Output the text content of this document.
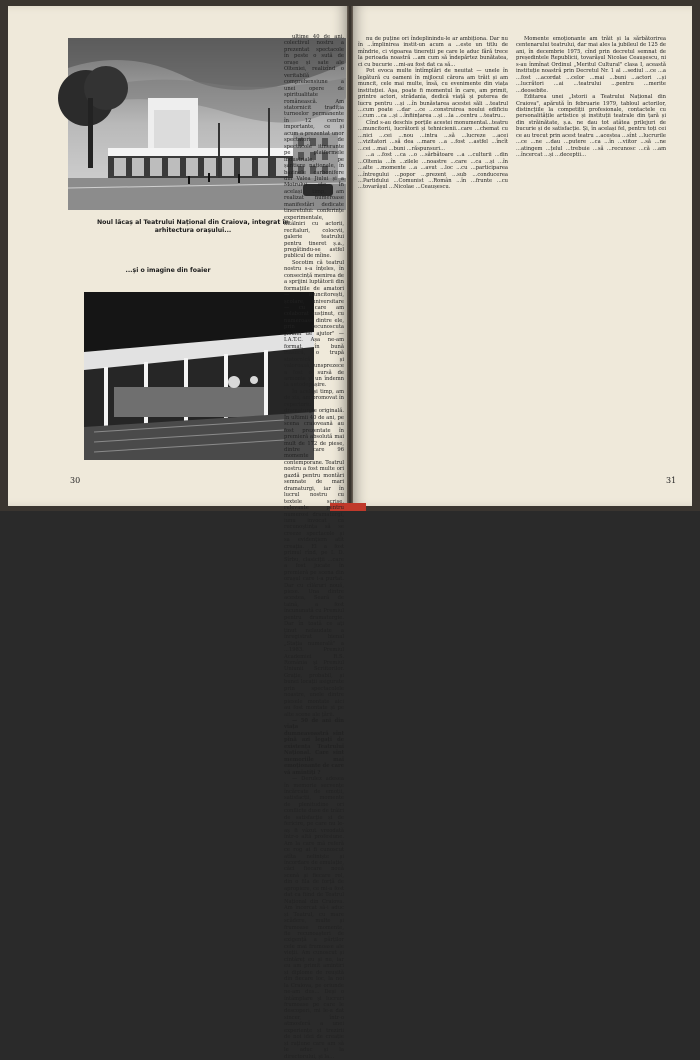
Noul lăcaș al Teatrului Național din Craiova, integrat în arhitectura orașului...
...și o imagine din foaier
30

nu de puține ori îndeplinindu-le ar ambiționa. Dar nu în ...împlinirea instit-un acum a ...este un titlu de mîndrie, ci vigoarea tinereții pe care le aduc fără trece la perioada noastră ...am cum să îndepărtez bunătatea, ci cu bucurie ...mi-au fost dat ca să...

Pot evoca multe întîmplări de neuitat — unele în legătură cu oameni în mijlocul cărora am trăit și am muncit, cele mai multe, însă, cu evenimente din viața instituției. Așa, poate fi momentul în care, am primit, printre actori, strădania, dedică viață și puterea de lucru pentru ...și ...în bunăstarea acestei săli ...teatrul ...cum poate ...dar ...ce ...construirea noului edificiu ...cum ...ca ...și ...înființarea ...și ...la ...centru ...teatru...

Cînd s-au deschis porțile acestei monumental...teatru ...muncitorii, lucrătorii și tehnicienii...care ...chemat cu ...nici ...cei ...nou ...intra ...să ...lucreze ...acei ...vizitatori ...să dea ...mare ...a ...fost ...astfel ...încît ...cei ...mai ...buni ...răspunsuri...

...a ...fost ...ca ...o ...sărbătoare ...a ...culturii ...din ...Oltenia ...în ...zilele ...noastre ...care ...ca ...și ...în ...alte ...momente ...a ...avut ...loc ...cu ...participarea ...întregului ...popor ...prezent ...sub ...conducerea ...Partidului ...Comunist ...Român ...în ...frunte ...cu ...tovarășul ...Nicolae ...Ceaușescu.

Momente emoționante am trăit și la sărbătorirea centenarului teatrului, dar mai ales la jubileul de 125 de ani, în decembrie 1975, cînd prin decretul semnat de președintele Republicii, tovarășul Nicolae Ceaușescu, ni s-au înmînat Ordinul „Meritul Cultural" clasa I, această instituție noastră prin Decretul Nr. 1 al ...sediul ...ce ...a ...fost ...acordat ...celor ...mai ...buni ...actori ...și ...lucrători ...ai ...teatrului ...pentru ...merite ...deosebite.

Editarea unei „Istorii a Teatrului Național din Craiova", apărută în februarie 1979, tabloul actorilor, distincțiile la competiții profesionale, contactele cu personalitățile artistice și instituții teatrale din țară și din străinătate, ș.a. ne dau tot atâtea prilejuri de bucurie și de satisfacție. Și, în același fel, pentru toți cei ce au trecut prin acest teatru ...acestea ...sînt ...lucrurile ...ce ...ne ...dau ...putere ...ca ...în ...viitor ...să ...ne ...atingem ...țelul ...trebuie ...să ...recunosc ...că ...am ...încercat ...și ...deceptii...

31

ultime 40 de ani, colectivul nostru a prezentat spectacole în peste o sută de orașe și sate ale Olteniei, realizînd o veritabilă comprehensiune a unei opere de spiritualitate românească. Am statornicit tradiția turneelor permanente în 12 centre importante, ce și acum a prezentat unor spectatori de spectacole itinerante pe platformele industriale, pe șantiere naționale, în bazinele carbonifere din Valea Jiului și a Motrului etc. În același timp, am realizat numeroase manifestări dedicate tineretului: conferințe experimentale, întâlniri cu actorii, recitaluri, colocvii, galerie teatrului pentru tineret ș.a., pregătindu-se astfel publicul de mîine.

Socotim că teatrul nostru s-a înțeles, în consecință menirea de a sprijini luptătorii din formațiile de amatori — muncitorești, școlare, universitare — cu care am colaborat susținut, cu numeroase dintre ele, prin recunoscuta „mâini de ajutor" — I.A.T.C. Așa ne-am format, în bună măsură, o trupă statornică și valoroasă, unsprezece a fost o sursă de armonie și un îndemn la autodepășire.

În același timp, am de zis, am promovat în repertoriu dramaturgie originală. În ultimii 40 de ani, pe scena craioveană au fost prezentate în premieră absolută mai mult de 172 de piese, dintre care 96 momente contemporane. Teatrul nostru a fost multe ori gazdă pentru montări semnate de mari dramaturgi, iar în lucrul nostru cu textele scrise, relevante pentru numerosi dramaturgi, iunu invocat ca recunoștința să se creeze spectacole și sa evidențiem atît creația. El a fost primul rînd, pe I. D. Sîrbu, clasiciții ...care a fost jucate în premieră pe scena din orașul care i-a purtat. Dar cu cîlăruri nouă, piese. Una dintre acestea, Seară de taină, a fost încununată cu Premiul pentru dramaturgie. Dar în toată ce ați ținut nelaudate a înregistrat bienal „Stația numerală" a ...1983. Premiul Academiei R.S. România și Premiul Uniunii Scriitorilor. Grație, probabil, și bunei locații asigurate prin spectacolele noastre, unele dintre piesele montate aici au fost montate și pe alte scene ale țării.

— 50 de ani din viața dumneavoastră sînt pînă azi legați de existența Teatrului Național. Care sînt memoriile mai emoționante de care vă amintiți ?

— Derulez adesea în memorie secvențe încărcate de emoții, satisfacții, momente de plenitudine ori conflicte duse de trăiri de satisfacție și de fericire, pe care nu le-aș fi văzut vreodată într-o altă profesiune. Am la care mă referă ce rog ai fi cunoscut atîta neliniște și încordare de emulație, căci fiecare nouă scenă și fiecare rol, din o fila de forță de apropiere, ce mi-a fost dat ca fiind de Teatrul Național din Craiova. Am încercat să-i aduc și Teatrul, cu mare scădere, multe și frumoase momente, fie recunoașteri de exigență a părților cele mai frumoase ale vieții. Am cunoscut și cîntăreț eu și nu, iar eu am primit amintiri și diplome de reușită din fiecare loc, la noi la Craiova, pe oriunde ne-am dus... Deși o întâmplare și lucruri frumoase pe care le descoperi, mi le-a dat sincer, într-o atmosferă a unei experiențe și trezirii de noi idei de creație și rațiune care am să le aduc și la directorului, și la...
